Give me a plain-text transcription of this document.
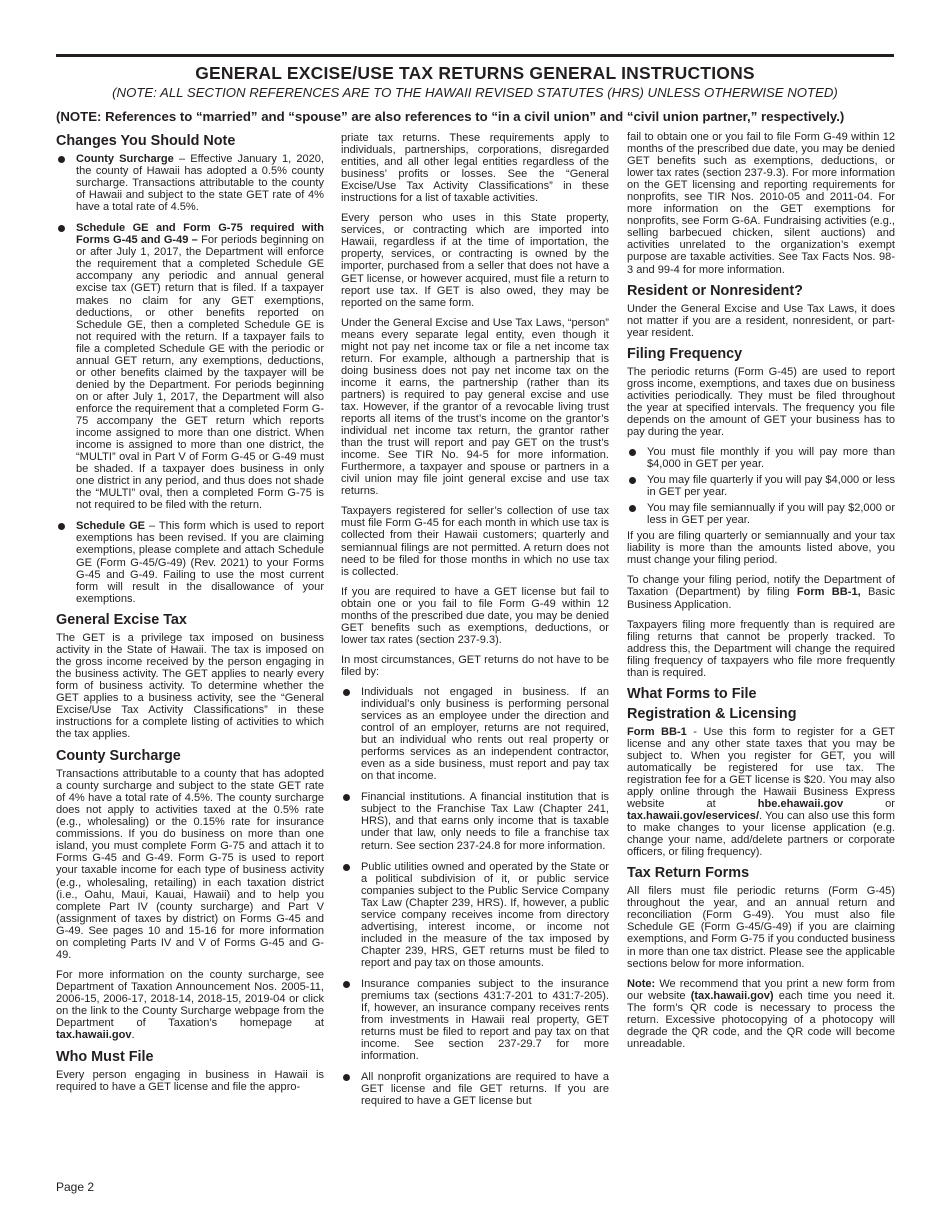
GENERAL EXCISE/USE TAX RETURNS GENERAL INSTRUCTIONS
(NOTE: ALL SECTION REFERENCES ARE TO THE HAWAII REVISED STATUTES (HRS) UNLESS OTHERWISE NOTED)
(NOTE: References to “married” and “spouse” are also references to “in a civil union” and “civil union partner,” respectively.)
Changes You Should Note
County Surcharge – Effective January 1, 2020, the county of Hawaii has adopted a 0.5% county surcharge. Transactions attributable to the county of Hawaii and subject to the state GET rate of 4% have a total rate of 4.5%.
Schedule GE and Form G-75 required with Forms G-45 and G-49 – For periods beginning on or after July 1, 2017, the Department will enforce the requirement that a completed Schedule GE accompany any periodic and annual general excise tax (GET) return that is filed. If a taxpayer makes no claim for any GET exemptions, deductions, or other benefits reported on Schedule GE, then a completed Schedule GE is not required with the return. If a taxpayer fails to file a completed Schedule GE with the periodic or annual GET return, any exemptions, deductions, or other benefits claimed by the taxpayer will be denied by the Department. For periods beginning on or after July 1, 2017, the Department will also enforce the requirement that a completed Form G-75 accompany the GET return which reports income assigned to more than one district. When income is assigned to more than one district, the “MULTI” oval in Part V of Form G-45 or G-49 must be shaded. If a taxpayer does business in only one district in any period, and thus does not shade the “MULTI” oval, then a completed Form G-75 is not required to be filed with the return.
Schedule GE – This form which is used to report exemptions has been revised. If you are claiming exemptions, please complete and attach Schedule GE (Form G-45/G-49) (Rev. 2021) to your Forms G-45 and G-49. Failing to use the most current form will result in the disallowance of your exemptions.
General Excise Tax

The GET is a privilege tax imposed on business activity in the State of Hawaii. The tax is imposed on the gross income received by the person engaging in the business activity. The GET applies to nearly every form of business activity. To determine whether the GET applies to a business activity, see the “General Excise/Use Tax Activity Classifications” in these instructions for a complete listing of activities to which the tax applies.

County Surcharge

Transactions attributable to a county that has adopted a county surcharge and subject to the state GET rate of 4% have a total rate of 4.5%. The county surcharge does not apply to activities taxed at the 0.5% rate (e.g., wholesaling) or the 0.15% rate for insurance commissions. If you do business on more than one island, you must complete Form G-75 and attach it to Forms G-45 and G-49. Form G-75 is used to report your taxable income for each type of business activity (e.g., wholesaling, retailing) in each taxation district (i.e., Oahu, Maui, Kauai, Hawaii) and to help you complete Part IV (county surcharge) and Part V (assignment of taxes by district) on Forms G-45 and G-49. See pages 10 and 15-16 for more information on completing Parts IV and V of Forms G-45 and G-49.

For more information on the county surcharge, see Department of Taxation Announcement Nos. 2005-11, 2006-15, 2006-17, 2018-14, 2018-15, 2019-04 or click on the link to the County Surcharge webpage from the Department of Taxation’s homepage at tax.hawaii.gov.

Who Must File

Every person engaging in business in Hawaii is required to have a GET license and file the appro-

priate tax returns. These requirements apply to individuals, partnerships, corporations, disregarded entities, and all other legal entities regardless of the business’ profits or losses. See the “General Excise/Use Tax Activity Classifications” in these instructions for a list of taxable activities.

Every person who uses in this State property, services, or contracting which are imported into Hawaii, regardless if at the time of importation, the property, services, or contracting is owned by the importer, purchased from a seller that does not have a GET license, or however acquired, must file a return to report use tax. If GET is also owed, they may be reported on the same form.

Under the General Excise and Use Tax Laws, “person” means every separate legal entity, even though it might not pay net income tax or file a net income tax return. For example, although a partnership that is doing business does not pay net income tax on the income it earns, the partnership (rather than its partners) is required to pay general excise and use tax. However, if the grantor of a revocable living trust reports all items of the trust’s income on the grantor’s individual net income tax return, the grantor rather than the trust will report and pay GET on the trust’s income. See TIR No. 94-5 for more information. Furthermore, a taxpayer and spouse or partners in a civil union may file joint general excise and use tax returns.

Taxpayers registered for seller’s collection of use tax must file Form G-45 for each month in which use tax is collected from their Hawaii customers; quarterly and semiannual filings are not permitted. A return does not need to be filed for those months in which no use tax is collected.

If you are required to have a GET license but fail to obtain one or you fail to file Form G-49 within 12 months of the prescribed due date, you may be denied GET benefits such as exemptions, deductions, or lower tax rates (section 237-9.3).

In most circumstances, GET returns do not have to be filed by:

Individuals not engaged in business. If an individual’s only business is performing personal services as an employee under the direction and control of an employer, returns are not required, but an individual who rents out real property or performs services as an independent contractor, even as a side business, must report and pay tax on that income.
Financial institutions. A financial institution that is subject to the Franchise Tax Law (Chapter 241, HRS), and that earns only income that is taxable under that law, only needs to file a franchise tax return. See section 237-24.8 for more information.
Public utilities owned and operated by the State or a political subdivision of it, or public service companies subject to the Public Service Company Tax Law (Chapter 239, HRS). If, however, a public service company receives income from directory advertising, interest income, or income not included in the measure of the tax imposed by Chapter 239, HRS, GET returns must be filed to report and pay tax on those amounts.
Insurance companies subject to the insurance premiums tax (sections 431:7-201 to 431:7-205). If, however, an insurance company receives rents from investments in Hawaii real property, GET returns must be filed to report and pay tax on that income. See section 237-29.7 for more information.
All nonprofit organizations are required to have a GET license and file GET returns. If you are required to have a GET license but

fail to obtain one or you fail to file Form G-49 within 12 months of the prescribed due date, you may be denied GET benefits such as exemptions, deductions, or lower tax rates (section 237-9.3). For more information on the GET licensing and reporting requirements for nonprofits, see TIR Nos. 2010-05 and 2011-04. For more information on the GET exemptions for nonprofits, see Form G-6A. Fundraising activities (e.g., selling barbecued chicken, silent auctions) and activities unrelated to the organization’s exempt purpose are taxable activities. See Tax Facts Nos. 98-3 and 99-4 for more information.

Resident or Nonresident?

Under the General Excise and Use Tax Laws, it does not matter if you are a resident, nonresident, or part-year resident.

Filing Frequency

The periodic returns (Form G-45) are used to report gross income, exemptions, and taxes due on business activities periodically. They must be filed throughout the year at specified intervals. The frequency you file depends on the amount of GET your business has to pay during the year.

You must file monthly if you will pay more than $4,000 in GET per year.
You may file quarterly if you will pay $4,000 or less in GET per year.
You may file semiannually if you will pay $2,000 or less in GET per year.

If you are filing quarterly or semiannually and your tax liability is more than the amounts listed above, you must change your filing period.

To change your filing period, notify the Department of Taxation (Department) by filing Form BB-1, Basic Business Application.

Taxpayers filing more frequently than is required are filing returns that cannot be properly tracked. To address this, the Department will change the required filing frequency of taxpayers who file more frequently than is required.

What Forms to File
Registration & Licensing

Form BB-1 - Use this form to register for a GET license and any other state taxes that you may be subject to. When you register for GET, you will automatically be registered for use tax. The registration fee for a GET license is $20. You may also apply online through the Hawaii Business Express website at hbe.ehawaii.gov or tax.hawaii.gov/eservices/. You can also use this form to make changes to your license application (e.g. change your name, add/delete partners or corporate officers, or filing frequency).

Tax Return Forms

All filers must file periodic returns (Form G-45) throughout the year, and an annual return and reconciliation (Form G-49). You must also file Schedule GE (Form G-45/G-49) if you are claiming exemptions, and Form G-75 if you conducted business in more than one tax district. Please see the applicable sections below for more information.

Note: We recommend that you print a new form from our website (tax.hawaii.gov) each time you need it. The form’s QR code is necessary to process the return. Excessive photocopying of a photocopy will degrade the QR code, and the QR code will become unreadable.

Page 2
